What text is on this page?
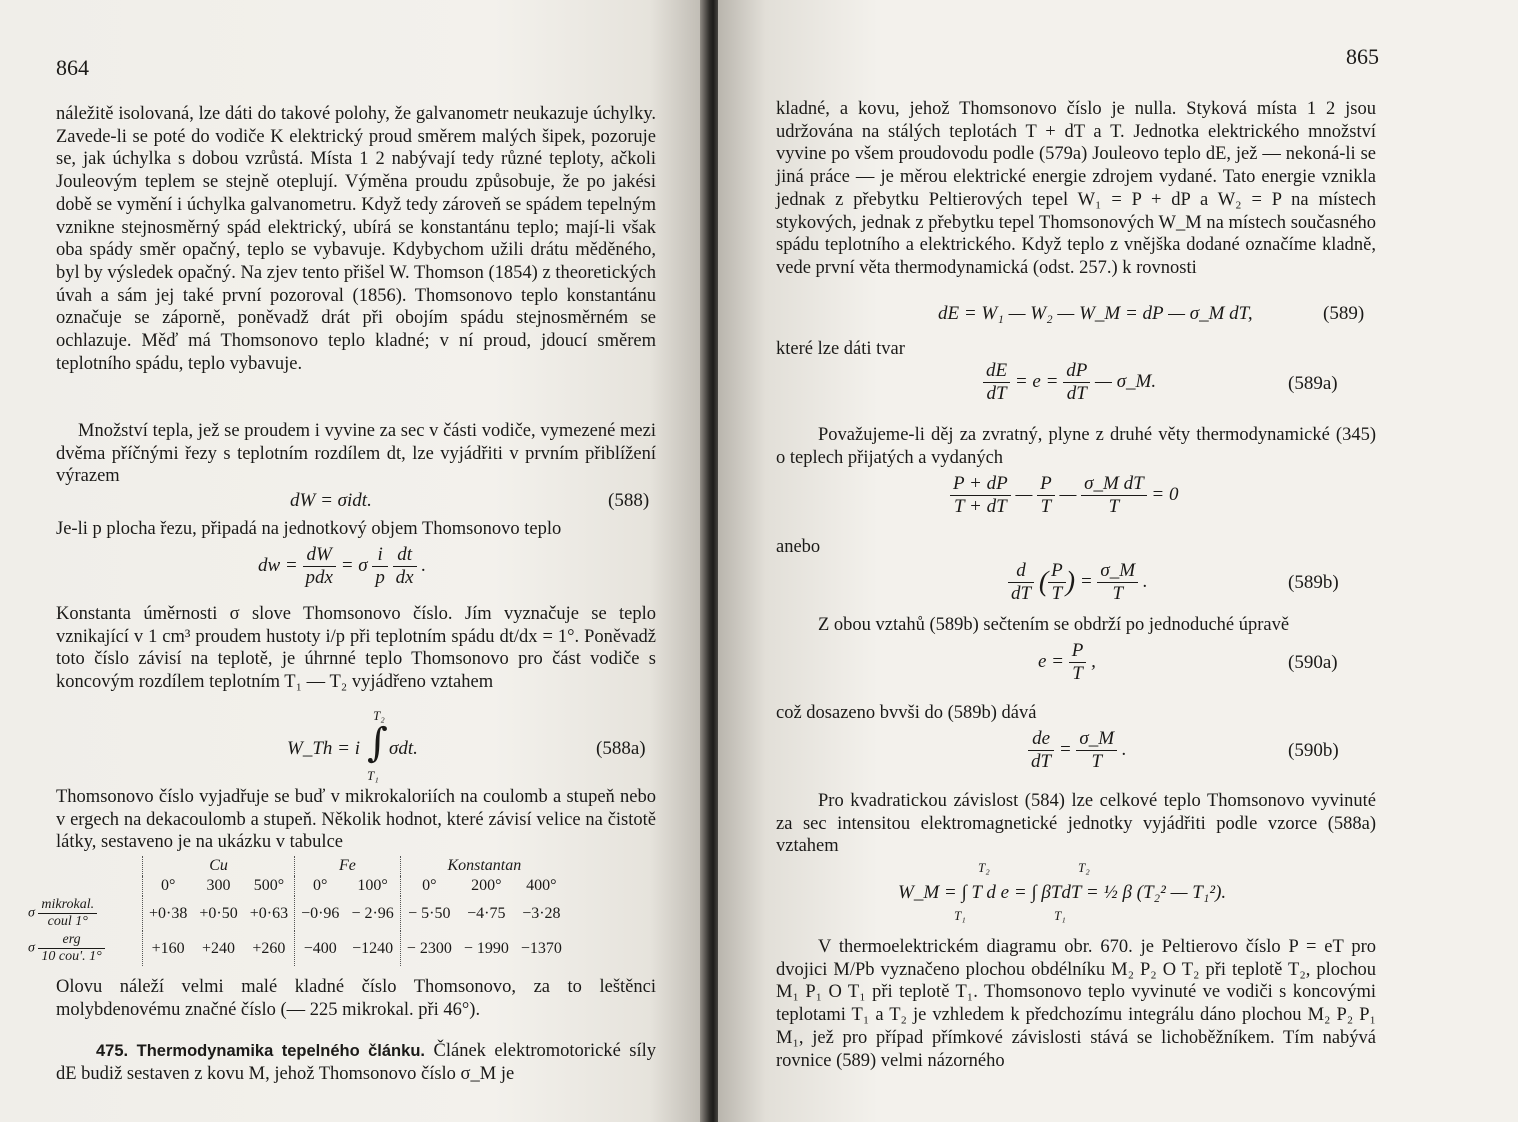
864

náležitě isolovaná, lze dáti do takové polohy, že galvanometr neukazuje úchylky. Zavede-li se poté do vodiče K elektrický proud směrem malých šipek, pozoruje se, jak úchylka s dobou vzrůstá. Místa 1 2 nabývají tedy různé teploty, ačkoli Jouleovým teplem se stejně oteplují. Výměna proudu způsobuje, že po jakési době se vymění i úchylka galvanometru. Když tedy zároveň se spádem tepelným vznikne stejnosměrný spád elektrický, ubírá se konstantánu teplo; mají-li však oba spády směr opačný, teplo se vybavuje. Kdybychom užili drátu měděného, byl by výsledek opačný. Na zjev tento přišel W. Thomson (1854) z theoretických úvah a sám jej také první pozoroval (1856). Thomsonovo teplo konstantánu označuje se záporně, poněvadž drát při obojím spádu stejnosměrném se ochlazuje. Měď má Thomsonovo teplo kladné; v ní proud, jdoucí směrem teplotního spádu, teplo vybavuje.

Množství tepla, jež se proudem i vyvine za sec v části vodiče, vymezené mezi dvěma příčnými řezy s teplotním rozdílem dt, lze vyjádřiti v prvním přiblížení výrazem

dW = σidt.	(588)

Je-li p plocha řezu, připadá na jednotkový objem Thomsonovo teplo

dw = $\frac{dW}{\text{pdx}} = \sigma \frac{i}{p}$
$\frac{dt}{dx}$ .

Konstanta úměrnosti σ slove Thomsonovo číslo. Jím vyznačuje se teplo vznikající v 1 cm³ proudem hustoty i/p při teplotním spádu dt/dx = 1°. Poněvadž toto číslo závisí na teplotě, je úhrnné teplo Thomsonovo pro část vodiče s koncovým rozdílem teplotním T₁ — T₂ vyjádřeno vztahem

T₂
W_Th = i ∫ σdt.
T₁
(588a)

Thomsonovo číslo vyjadřuje se buď v mikrokaloriích na coulomb a stupeň nebo v ergech na dekacoulomb a stupeň. Několik hodnot, které závisí velice na čistotě látky, sestaveno je na ukázku v tabulce

	Cu			Fe		Konstantan		
	0°	300	500°	0°	100°	0°	200°	400°
σ $\frac{\text{mikrokal.}}{\text{coul 1°}}$	+0·38	+0·50	+0·63	−0·96	− 2·96	− 5·50	−4·75	−3·28
σ $\frac{\text{erg}}{\text{10 cou'. 1°}}$	+160	+240	+260	−400	−1240	− 2300	− 1990	−1370

Olovu náleží velmi malé kladné číslo Thomsonovo, za to leštěnci molybdenovému značné číslo (— 225 mikrokal. při 46°).

475. Thermodynamika tepelného článku. Článek elektromotorické síly dE budiž sestaven z kovu M, jehož Thomsonovo číslo σ_M je

865

kladné, a kovu, jehož Thomsonovo číslo je nulla. Styková místa 1 2 jsou udržována na stálých teplotách T + dT a T. Jednotka elektrického množství vyvine po všem proudovodu podle (579a) Jouleovo teplo dE, jež — nekoná-li se jiná práce — je měrou elektrické energie zdrojem vydané. Tato energie vznikla jednak z přebytku Peltierových tepel W₁ = P + dP a W₂ = P na místech stykových, jednak z přebytku tepel Thomsonových W_M na místech současného spádu teplotního a elektrického. Když teplo z vnějška dodané označíme kladně, vede první věta thermodynamická (odst. 257.) k rovnosti

dE = W₁ — W₂ — W_M = dP — σ_M dT,	(589)

které lze dáti tvar

$\frac{dE}{dT} = e = \frac{dP}{dT}$ — σ_M.	(589a)

Považujeme-li děj za zvratný, plyne z druhé věty thermodynamické (345) o teplech přijatých a vydaných

$\frac{P + dP}{T + dT}$ — $\frac{P}{T}$ — $\frac{\text{σ\_M dT}}{T} = 0$

anebo

$\frac{d}{dT}$ ( $\frac{P}{T}$ ) = $\frac{\sigma\_M}{T}$ .	(589b)

Z obou vztahů (589b) sečtením se obdrží po jednoduché úpravě

$e = \frac{P}{T}$ ,	(590a)

což dosazeno bvvši do (589b) dává

$\frac{de}{dT} = \frac{\sigma\_M}{T}$ .	(590b)

Pro kvadratickou závislost (584) lze celkové teplo Thomsonovo vyvinuté za sec intensitou elektromagnetické jednotky vyjádřiti podle vzorce (588a) vztahem

T₂	T₂
W_M = ∫ T d e = ∫ βTdT = ½ β (T₂² — T₁²).
T₁	T₁

V thermoelektrickém diagramu obr. 670. je Peltierovo číslo P = eT pro dvojici M/Pb vyznačeno plochou obdélníku M₂ P₂ O T₂ při teplotě T₂, plochou M₁ P₁ O T₁ při teplotě T₁. Thomsonovo teplo vyvinuté ve vodiči s koncovými teplotami T₁ a T₂ je vzhledem k předchozímu integrálu dáno plochou M₂ P₂ P₁ M₁, jež pro případ přímkové závislosti stává se lichoběžníkem. Tím nabývá rovnice (589) velmi názorného
